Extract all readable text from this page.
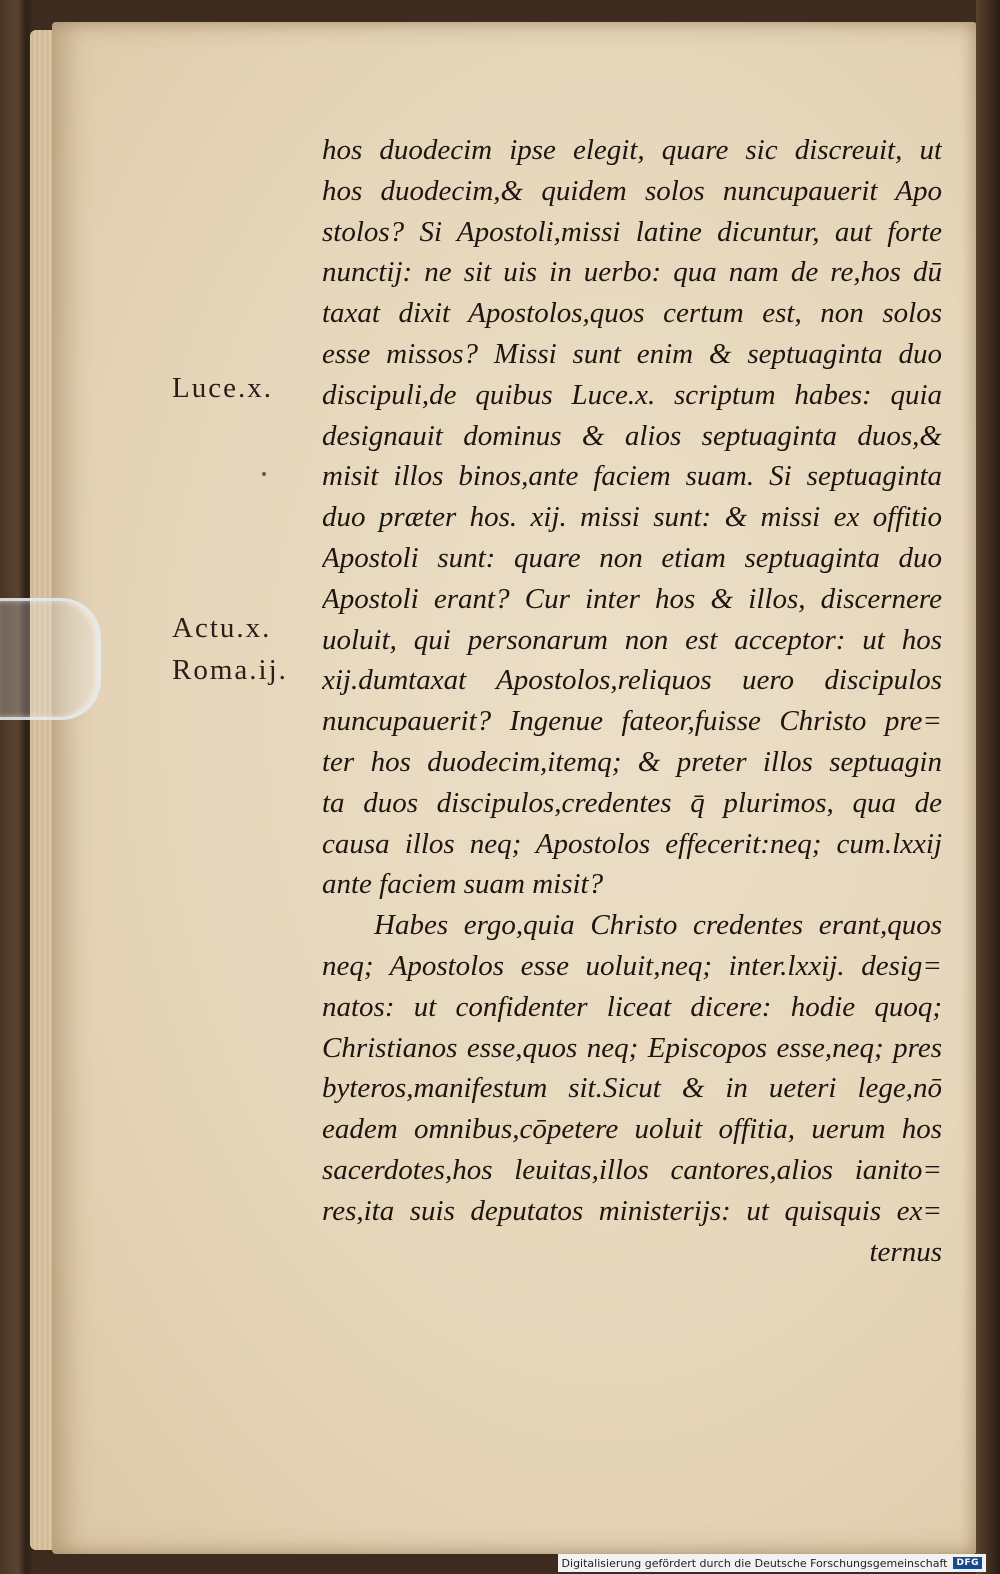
Luce.x.
Actu.x.
Roma.ij.
hos duodecim ipse elegit, quare sic discreuit, ut
hos duodecim,& quidem solos nuncupauerit Apo
stolos? Si Apostoli,missi latine dicuntur, aut forte
nunctij: ne sit uis in uerbo: qua nam de re,hos dū
taxat dixit Apostolos,quos certum est, non solos
esse missos? Missi sunt enim & septuaginta duo
discipuli,de quibus Luce.x. scriptum habes: quia
designauit dominus & alios septuaginta duos,&
misit illos binos,ante faciem suam. Si septuaginta
duo præter hos. xij. missi sunt: & missi ex offitio
Apostoli sunt: quare non etiam septuaginta duo
Apostoli erant? Cur inter hos & illos, discernere
uoluit, qui personarum non est acceptor: ut hos
xij.dumtaxat Apostolos,reliquos uero discipulos
nuncupauerit? Ingenue fateor,fuisse Christo pre=
ter hos duodecim,itemq; & preter illos septuagin
ta duos discipulos,credentes q̄ plurimos, qua de
causa illos neq; Apostolos effecerit:neq; cum.lxxij
ante faciem suam misit?
Habes ergo,quia Christo credentes erant,quos
neq; Apostolos esse uoluit,neq; inter.lxxij. desig=
natos: ut confidenter liceat dicere: hodie quoq;
Christianos esse,quos neq; Episcopos esse,neq; pres
byteros,manifestum sit.Sicut & in ueteri lege,nō
eadem omnibus,cōpetere uoluit offitia, uerum hos
sacerdotes,hos leuitas,illos cantores,alios ianito=
res,ita suis deputatos ministerijs: ut quisquis ex=
ternus
Digitalisierung gefördert durch die Deutsche Forschungsgemeinschaft	DFG
